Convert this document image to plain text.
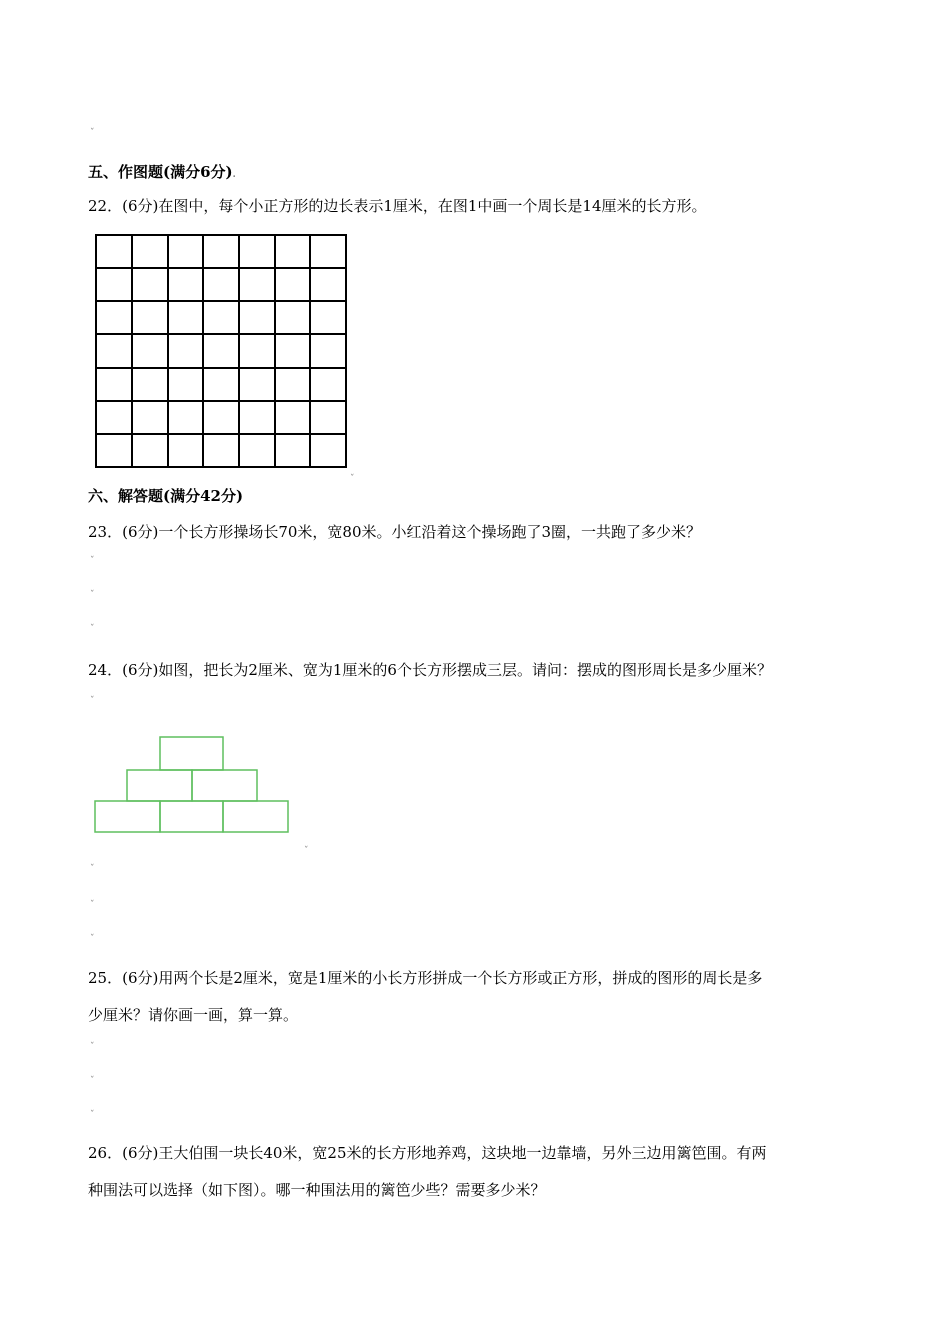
˯
五、作图题(满分6分).
22．(6分)在图中，每个小正方形的边长表示1厘米，在图1中画一个周长是14厘米的长方形。
˯
六、解答题(满分42分)
23．(6分)一个长方形操场长70米，宽80米。小红沿着这个操场跑了3圈，一共跑了多少米？
˯
˯
˯
24．(6分)如图，把长为2厘米、宽为1厘米的6个长方形摆成三层。请问：摆成的图形周长是多少厘米？
˯
˯
˯
˯
˯
25．(6分)用两个长是2厘米，宽是1厘米的小长方形拼成一个长方形或正方形，拼成的图形的周长是多
少厘米？请你画一画，算一算。
˯
˯
˯
26．(6分)王大伯围一块长40米，宽25米的长方形地养鸡，这块地一边靠墙，另外三边用篱笆围。有两
种围法可以选择（如下图）。哪一种围法用的篱笆少些？需要多少米？
